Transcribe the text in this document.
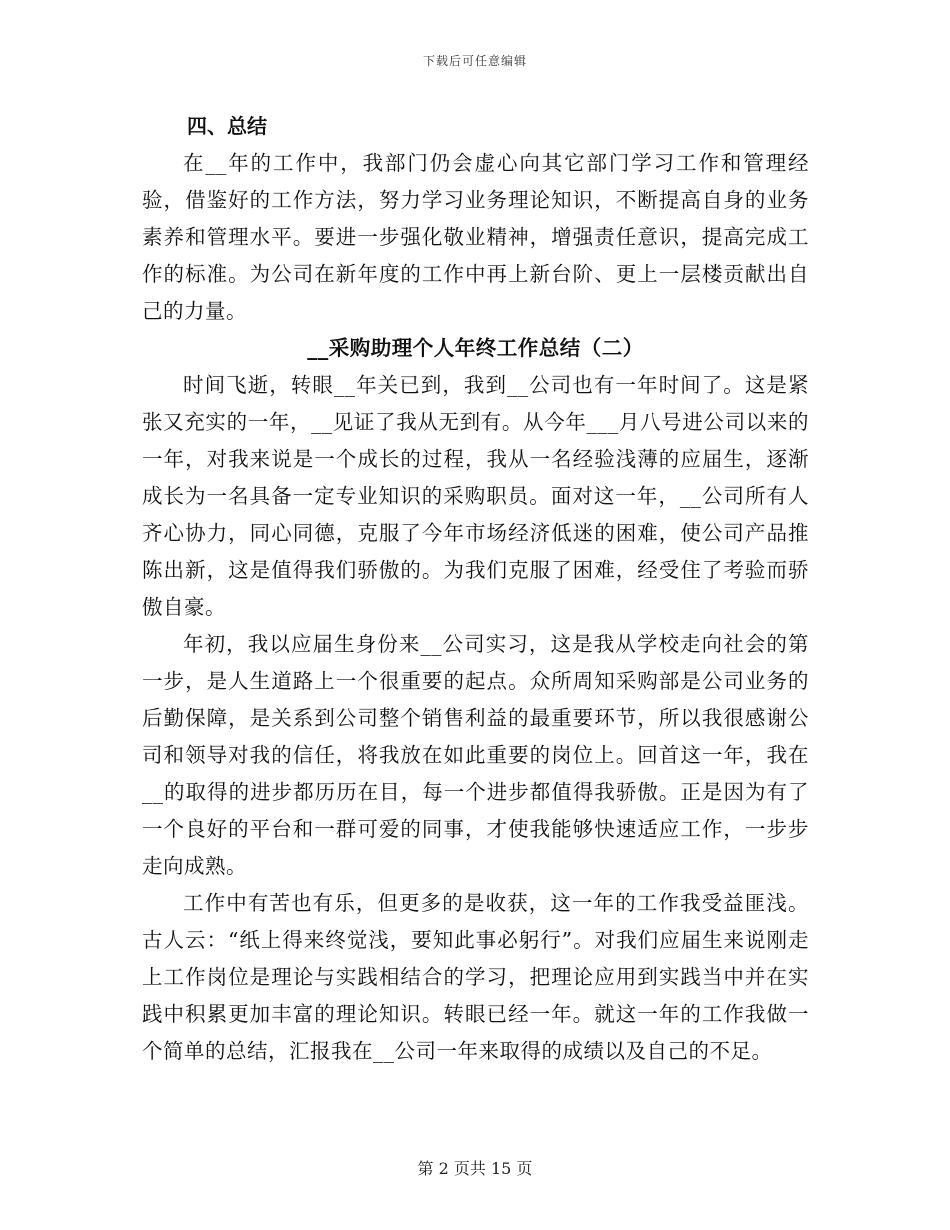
下载后可任意编辑

四、总结

在__年的工作中，我部门仍会虚心向其它部门学习工作和管理经验，借鉴好的工作方法，努力学习业务理论知识，不断提高自身的业务素养和管理水平。要进一步强化敬业精神，增强责任意识，提高完成工作的标准。为公司在新年度的工作中再上新台阶、更上一层楼贡献出自己的力量。

__采购助理个人年终工作总结（二）

时间飞逝，转眼__年关已到，我到__公司也有一年时间了。这是紧张又充实的一年，__见证了我从无到有。从今年___月八号进公司以来的一年，对我来说是一个成长的过程，我从一名经验浅薄的应届生，逐渐成长为一名具备一定专业知识的采购职员。面对这一年，__公司所有人齐心协力，同心同德，克服了今年市场经济低迷的困难，使公司产品推陈出新，这是值得我们骄傲的。为我们克服了困难，经受住了考验而骄傲自豪。

年初，我以应届生身份来__公司实习，这是我从学校走向社会的第一步，是人生道路上一个很重要的起点。众所周知采购部是公司业务的后勤保障，是关系到公司整个销售利益的最重要环节，所以我很感谢公司和领导对我的信任，将我放在如此重要的岗位上。回首这一年，我在__的取得的进步都历历在目，每一个进步都值得我骄傲。正是因为有了一个良好的平台和一群可爱的同事，才使我能够快速适应工作，一步步走向成熟。

工作中有苦也有乐，但更多的是收获，这一年的工作我受益匪浅。古人云：“纸上得来终觉浅，要知此事必躬行”。对我们应届生来说刚走上工作岗位是理论与实践相结合的学习，把理论应用到实践当中并在实践中积累更加丰富的理论知识。转眼已经一年。就这一年的工作我做一个简单的总结，汇报我在__公司一年来取得的成绩以及自己的不足。

第 2 页共 15 页
